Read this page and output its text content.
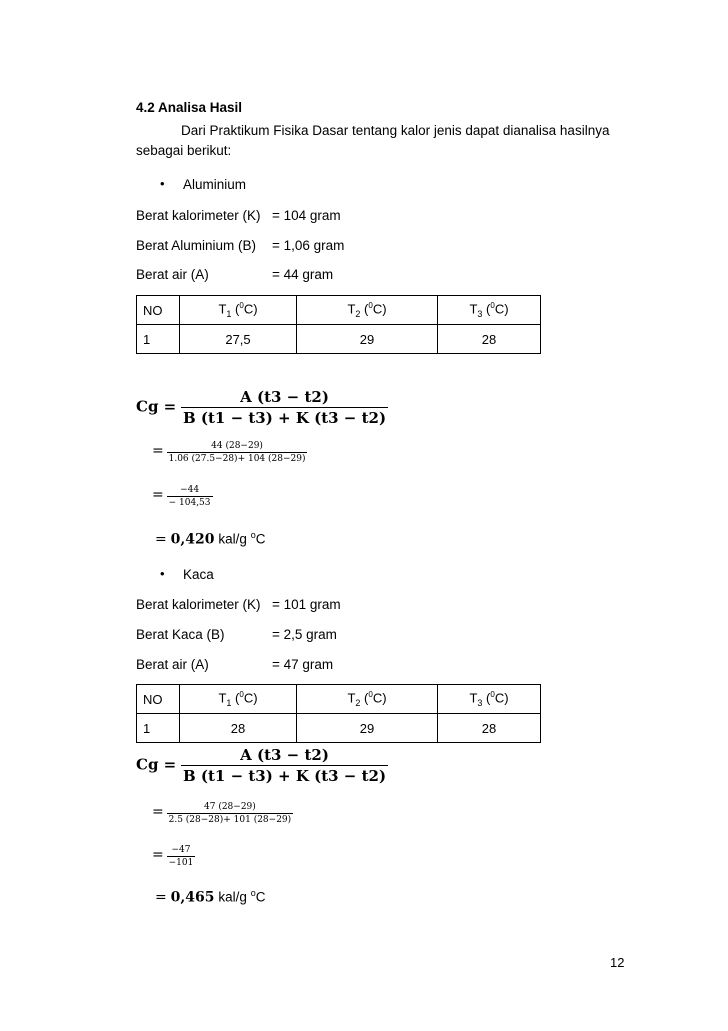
4.2 Analisa Hasil
Dari Praktikum Fisika Dasar tentang kalor jenis dapat dianalisa hasilnya
sebagai berikut:
• Aluminium
Berat kalorimeter (K) = 104 gram
Berat Aluminium (B) = 1,06 gram
Berat air (A)	= 44 gram
NO	$T_1$ ($^0$C)	$T_2$ ($^0$C)	$T_3$ ($^0$C)
1	27,5	29	28
$Cg = \frac{A (t3 - t2)}{B (t1 - t3) + K (t3 - t2)}$
= $\frac{44 (28-29)}{1.06 (27.5-28)+ 104 (28-29)}$
= $\frac{-44}{- 104,53}$
= 0,420 kal/g $^o$C
• Kaca
Berat kalorimeter (K) = 101 gram
Berat Kaca (B)	= 2,5 gram
Berat air (A)	= 47 gram
NO	$T_1$ ($^0$C)	$T_2$ ($^0$C)	$T_3$ ($^0$C)
1	28	29	28
$Cg = \frac{A (t3 - t2)}{B (t1 - t3) + K (t3 - t2)}$
= $\frac{47 (28-29)}{2.5 (28-28)+ 101 (28-29)}$
= $\frac{-47}{-101}$
= 0,465 kal/g $^o$C
12
